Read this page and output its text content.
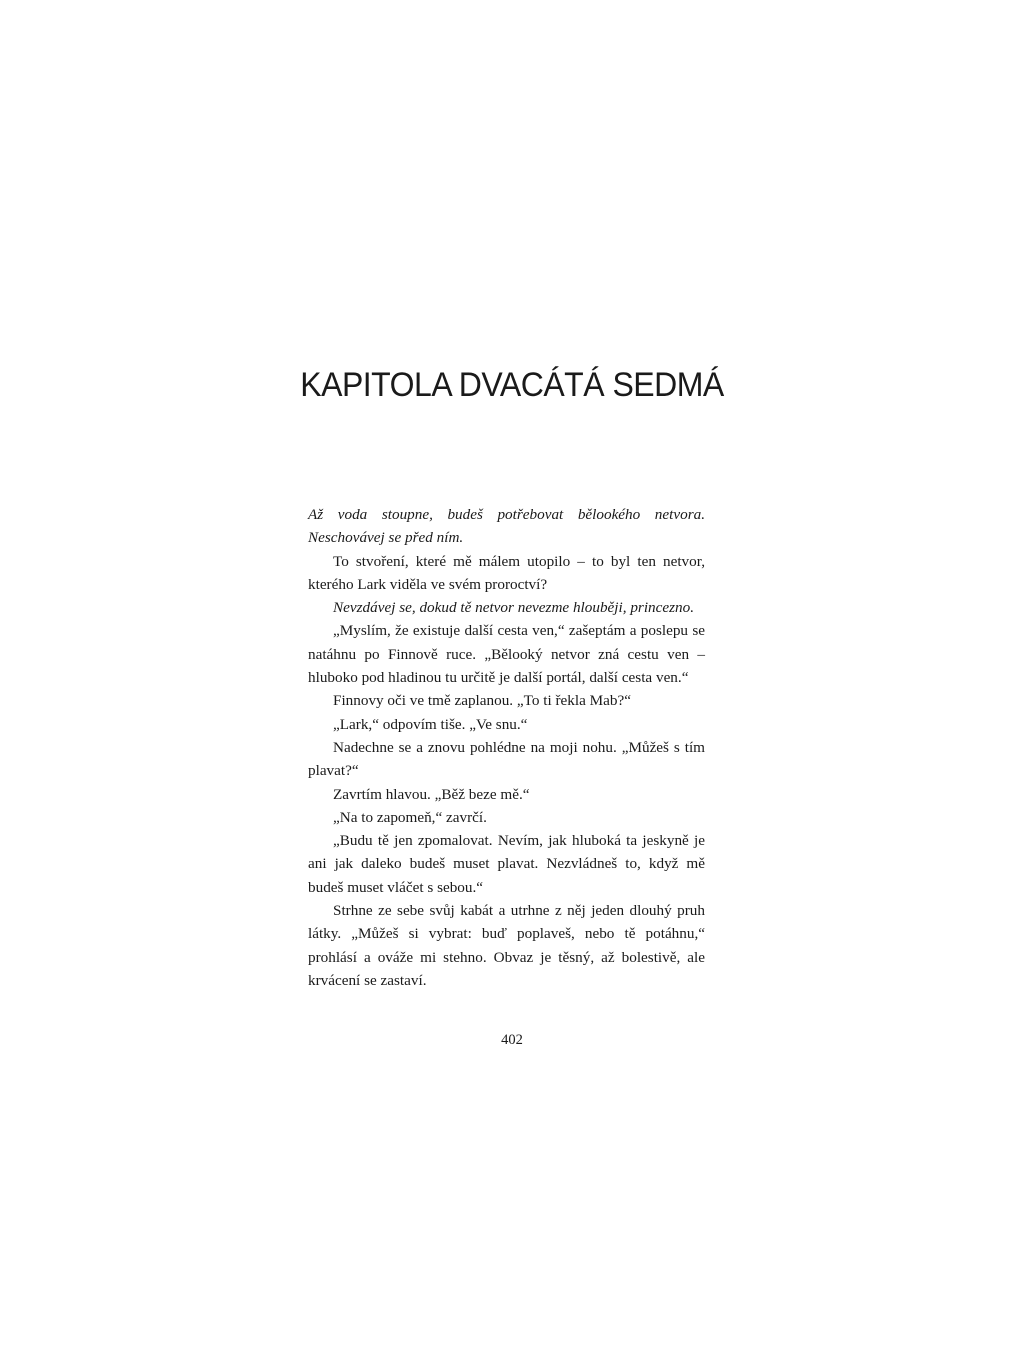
KAPITOLA DVACÁTÁ SEDMÁ

Až voda stoupne, budeš potřebovat bělookého netvora. Neschovávej se před ním.

To stvoření, které mě málem utopilo – to byl ten netvor, kterého Lark viděla ve svém proroctví?

Nevzdávej se, dokud tě netvor nevezme hlouběji, princezno.

„Myslím, že existuje další cesta ven,“ zašeptám a poslepu se natáhnu po Finnově ruce. „Bělooký netvor zná cestu ven – hluboko pod hladinou tu určitě je další portál, další cesta ven.“

Finnovy oči ve tmě zaplanou. „To ti řekla Mab?“

„Lark,“ odpovím tiše. „Ve snu.“

Nadechne se a znovu pohlédne na moji nohu. „Můžeš s tím plavat?“

Zavrtím hlavou. „Běž beze mě.“

„Na to zapomeň,“ zavrčí.

„Budu tě jen zpomalovat. Nevím, jak hluboká ta jeskyně je ani jak daleko budeš muset plavat. Nezvládneš to, když mě budeš muset vláčet s sebou.“

Strhne ze sebe svůj kabát a utrhne z něj jeden dlouhý pruh látky. „Můžeš si vybrat: buď poplaveš, nebo tě potáhnu,“ prohlásí a ováže mi stehno. Obvaz je těsný, až bolestivě, ale krvácení se zastaví.

402
